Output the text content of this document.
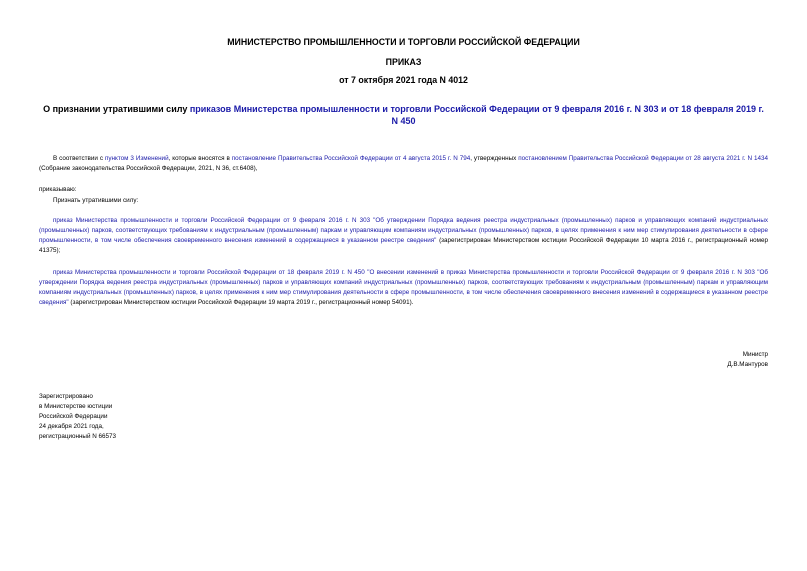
МИНИСТЕРСТВО ПРОМЫШЛЕННОСТИ И ТОРГОВЛИ РОССИЙСКОЙ ФЕДЕРАЦИИ
ПРИКАЗ
от 7 октября 2021 года N 4012
О признании утратившими силу приказов Министерства промышленности и торговли Российской Федерации от 9 февраля 2016 г. N 303 и от 18 февраля 2019 г. N 450
В соответствии с пунктом 3 Изменений, которые вносятся в постановление Правительства Российской Федерации от 4 августа 2015 г. N 794, утвержденных постановлением Правительства Российской Федерации от 28 августа 2021 г. N 1434 (Собрание законодательства Российской Федерации, 2021, N 36, ст.6408),
приказываю:
Признать утратившими силу:
приказ Министерства промышленности и торговли Российской Федерации от 9 февраля 2016 г. N 303 "Об утверждении Порядка ведения реестра индустриальных (промышленных) парков и управляющих компаний индустриальных (промышленных) парков, соответствующих требованиям к индустриальным (промышленным) паркам и управляющим компаниям индустриальных (промышленных) парков, в целях применения к ним мер стимулирования деятельности в сфере промышленности, в том числе обеспечения своевременного внесения изменений в содержащиеся в указанном реестре сведения" (зарегистрирован Министерством юстиции Российской Федерации 10 марта 2016 г., регистрационный номер 41375);
приказ Министерства промышленности и торговли Российской Федерации от 18 февраля 2019 г. N 450 "О внесении изменений в приказ Министерства промышленности и торговли Российской Федерации от 9 февраля 2016 г. N 303 "Об утверждении Порядка ведения реестра индустриальных (промышленных) парков и управляющих компаний индустриальных (промышленных) парков, соответствующих требованиям к индустриальным (промышленным) паркам и управляющим компаниям индустриальных (промышленных) парков, в целях применения к ним мер стимулирования деятельности в сфере промышленности, в том числе обеспечения своевременного внесения изменений в содержащиеся в указанном реестре сведения" (зарегистрирован Министерством юстиции Российской Федерации 19 марта 2019 г., регистрационный номер 54091).
Министр
Д.В.Мантуров
Зарегистрировано
в Министерстве юстиции
Российской Федерации
24 декабря 2021 года,
регистрационный N 66573
